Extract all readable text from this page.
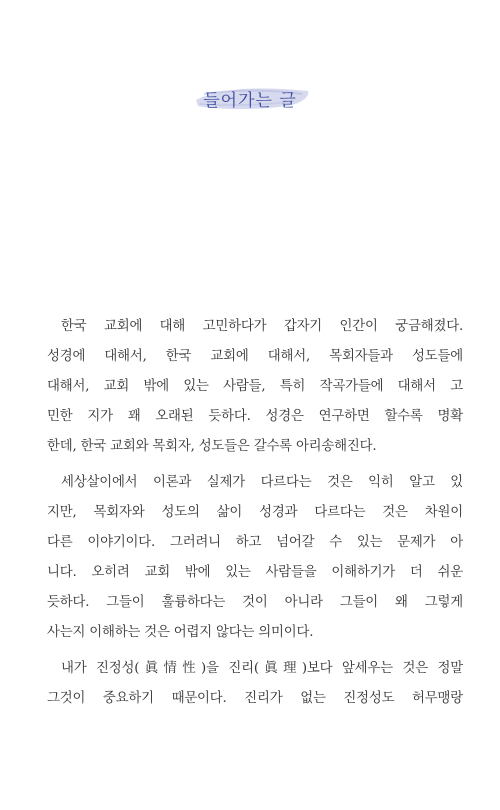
들어가는 글

한국 교회에 대해 고민하다가 갑자기 인간이 궁금해졌다.
성경에 대해서, 한국 교회에 대해서, 목회자들과 성도들에
대해서, 교회 밖에 있는 사람들, 특히 작곡가들에 대해서 고
민한 지가 꽤 오래된 듯하다. 성경은 연구하면 할수록 명확
한데, 한국 교회와 목회자, 성도들은 갈수록 아리송해진다.

세상살이에서 이론과 실제가 다르다는 것은 익히 알고 있
지만, 목회자와 성도의 삶이 성경과 다르다는 것은 차원이
다른 이야기이다. 그러려니 하고 넘어갈 수 있는 문제가 아
니다. 오히려 교회 밖에 있는 사람들을 이해하기가 더 쉬운
듯하다. 그들이 훌륭하다는 것이 아니라 그들이 왜 그렇게
사는지 이해하는 것은 어렵지 않다는 의미이다.

내가 진정성(眞情性)을 진리(眞理)보다 앞세우는 것은 정말
그것이 중요하기 때문이다. 진리가 없는 진정성도 허무맹랑
